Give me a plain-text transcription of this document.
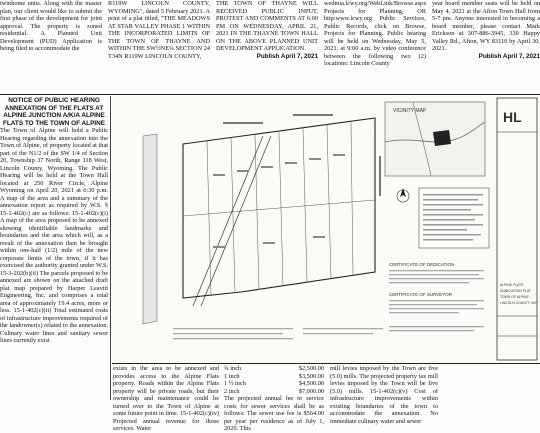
twinhome units. Along with the master plan, our client would like to submit the first phase of the development for joint approval. The property is zoned residential. A Planned Unit Development (PUD) Application is being filed to accommodate the

R119W LINCOLN COUNTY, WYOMING", dated 5 February 2021. A print of a plat titled, "THE MEADOWS AT STAR VALLEY PHASE 1 WITHIN THE INCORPORATED LIMITS OF THE TOWN OF THAYNE AND WITHIN THE SW½NE¼ SECTION 24 T34N R119W LINCOLN COUNTY,

THE TOWN OF THAYNE WILL RECEIVED PUBLIC INPUT, PROTEST AND COMMENTS AT 6:00 PM ON WEDNESDAY, APRIL 21, 2021 IN THE THAYNE TOWN HALL ON THE ABOVE PLANNED UNIT DEVELOPMENT APPLICATION.

Publish April 7, 2021

wedmia.lcwy.org/WebLink/Browse.aspx Projects for Planning, OR http:www.lcwy.org Public Services, Public Records, click on Browse, Projects for Planning. Public hearing will be held on Wednesday, May 5, 2021, at 9:00 a.m. by video conference between the following two (2) locations: Lincoln County

year board member seats will be held on May 4, 2021 at the Afton Town Hall from 5-7 pm. Anyone interested in becoming a board member, please contact Mark Erickson at 307-886-3945, 330 Happy Valley Rd., Afton, WY 83110 by April 30, 2021.

Publish April 7, 2021

NOTICE OF PUBLIC HEARING ANNEXATION OF THE FLATS AT ALPINE JUNCTION A/K/A ALPINE FLATS TO THE TOWN OF ALPINE

The Town of Alpine will hold a Public Hearing regarding the annexation into the Town of Alpine, of property located at that part of the N1/2 of the SW 1/4 of Section 20, Township 37 North, Range 118 West, Lincoln County, Wyoming. The Public Hearing will be held at the Town Hall located at 250 River Circle, Alpine Wyoming on April 20, 2021 at 6:30 p.m. A map of the area and a summary of the annexation report as required by W.S. § 15-1-402(c) are as follows: 15-1-402(c)(i) A map of the area proposed to be annexed showing identifiable landmarks and boundaries and the area which will, as a result of the annexation then be brought within one-half (1/2) mile of the new corporate limits of the town, if it has exercised the authority granted under W.S. 15-3-202(b)(ii) The parcels proposed to be annexed are shown on the attached draft plat map prepared by Harper Leavitt Engineering, Inc. and comprises a total area of approximately 19.4 acres, more or less. 15-1-402(c)(ii) Total estimated costs of infrastructure improvements required of the landowner(s) related to the annexation. Culinary water lines and sanitary sewer lines currently exist

VICINITY MAP
CERTIFICATE OF DEDICATION
CERTIFICATE OF SURVEYOR
HL
ALPINE FLATS
ANNEXATION PLAT
TOWN OF ALPINE
LINCOLN COUNTY, WY

exists in the area to be annexed and provides access to the Alpine Flats property. Roads within the Alpine Flats property will be private roads, but their ownership and maintenance could be turned over to the Town of Alpine at some future point in time. 15-1-402(c)(iv) Projected annual revenue for those services. Water

¾ inch	$2,500.00
1 inch	$3,500.00
1 ½ inch	$4,500.00
2 inch	$7,000.00

The projected annual fee or service costs for sewer services shall be as follows: The sewer use fee is $564.00 per year per residence as of July 1, 2020. This

mill levies imposed by the Town are five (5.0) mills. The projected property tax mill levies imposed by the Town will be five (5.0) mills. 15-1-402(c)(v) Cost of infrastructure improvements within existing boundaries of the town to accommodate the annexation. No immediate culinary water and sewer
